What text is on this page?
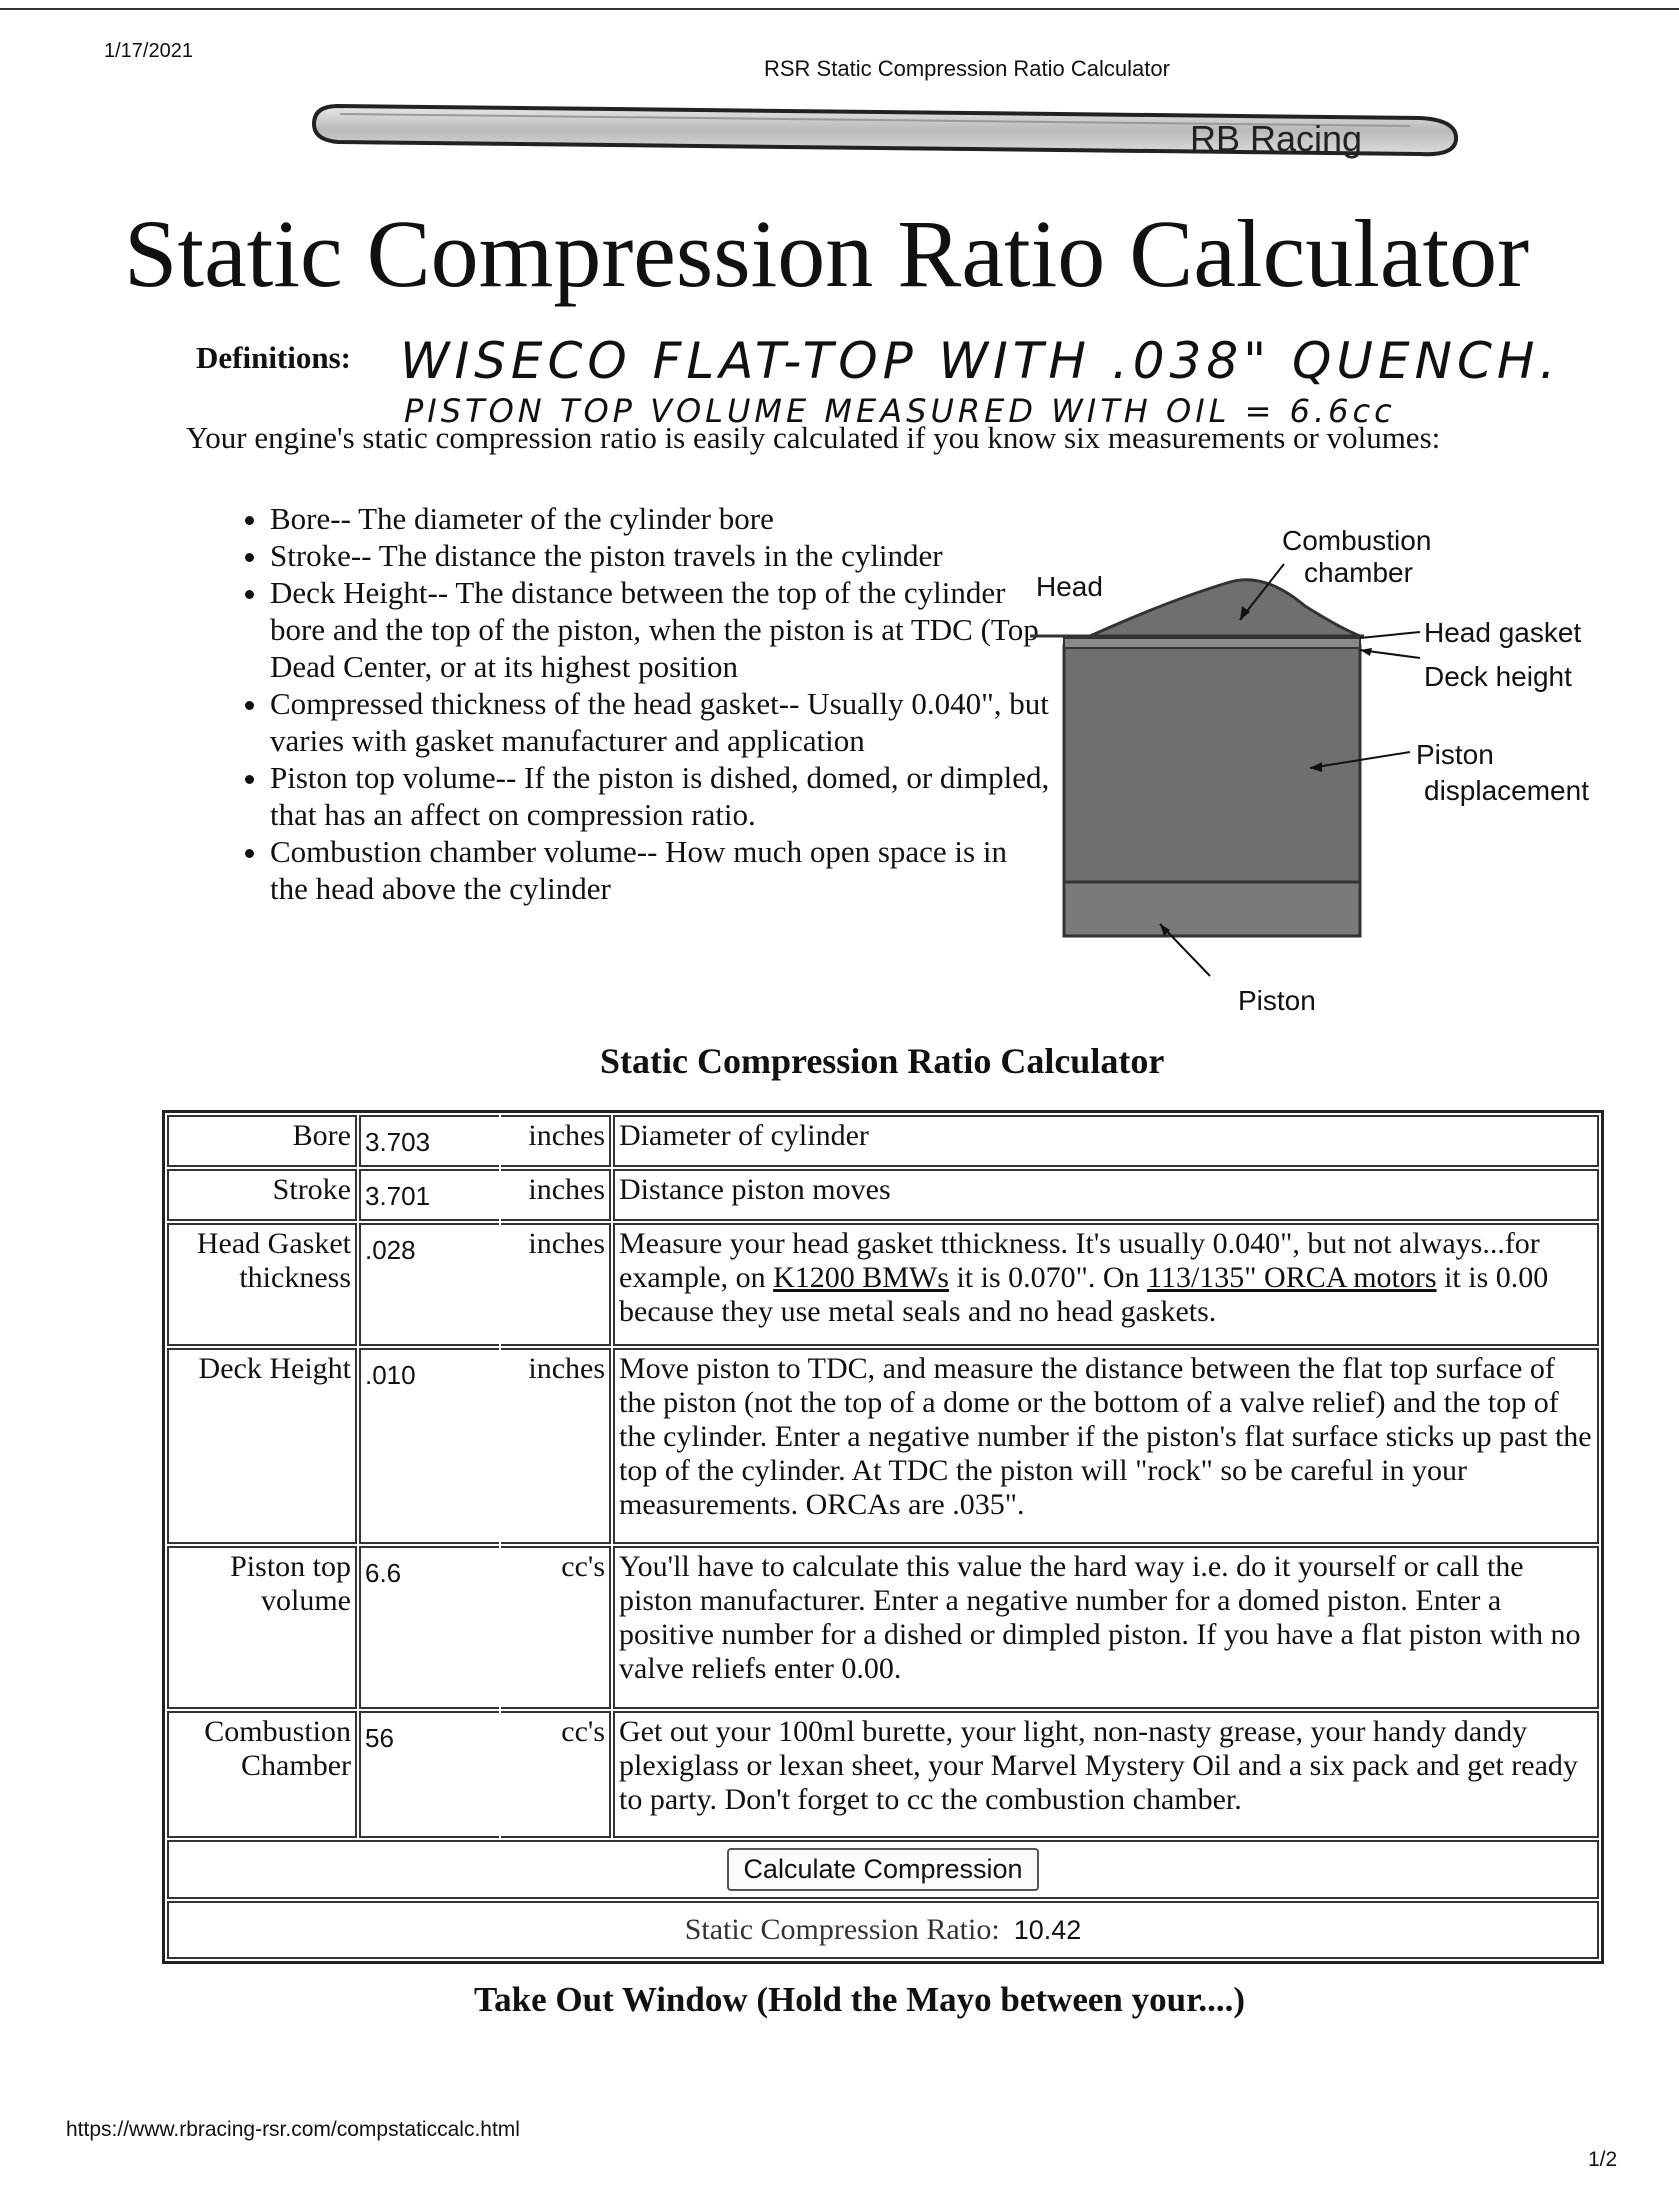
1/17/2021
RSR Static Compression Ratio Calculator
RB Racing
Static Compression Ratio Calculator
Definitions: WISECO FLAT-TOP WITH .038" QUENCH.
PISTON TOP VOLUME MEASURED WITH OIL = 6.6cc
Your engine's static compression ratio is easily calculated if you know six measurements or volumes:
• Bore-- The diameter of the cylinder bore
• Stroke-- The distance the piston travels in the cylinder
• Deck Height-- The distance between the top of the cylinder bore and the top of the piston, when the piston is at TDC (Top Dead Center, or at its highest position
• Compressed thickness of the head gasket-- Usually 0.040", but varies with gasket manufacturer and application
• Piston top volume-- If the piston is dished, domed, or dimpled, that has an affect on compression ratio.
• Combustion chamber volume-- How much open space is in the head above the cylinder
Head
Combustion
chamber
Head gasket
Deck height
Piston
displacement
Piston
Static Compression Ratio Calculator
Bore	3.703	inches	Diameter of cylinder
Stroke	3.701	inches	Distance piston moves
Head Gasket thickness	.028	inches	Measure your head gasket tthickness. It's usually 0.040", but not always...for example, on K1200 BMWs it is 0.070". On 113/135" ORCA motors it is 0.00 because they use metal seals and no head gaskets.
Deck Height	.010	inches	Move piston to TDC, and measure the distance between the flat top surface of the piston (not the top of a dome or the bottom of a valve relief) and the top of the cylinder. Enter a negative number if the piston's flat surface sticks up past the top of the cylinder. At TDC the piston will "rock" so be careful in your measurements. ORCAs are .035".
Piston top volume	6.6	cc's	You'll have to calculate this value the hard way i.e. do it yourself or call the piston manufacturer. Enter a negative number for a domed piston. Enter a positive number for a dished or dimpled piston. If you have a flat piston with no valve reliefs enter 0.00.
Combustion Chamber	56	cc's	Get out your 100ml burette, your light, non-nasty grease, your handy dandy plexiglass or lexan sheet, your Marvel Mystery Oil and a six pack and get ready to party. Don't forget to cc the combustion chamber.
Calculate Compression			
Static Compression Ratio: 10.42			
Take Out Window (Hold the Mayo between your....)
https://www.rbracing-rsr.com/compstaticcalc.html
1/2
